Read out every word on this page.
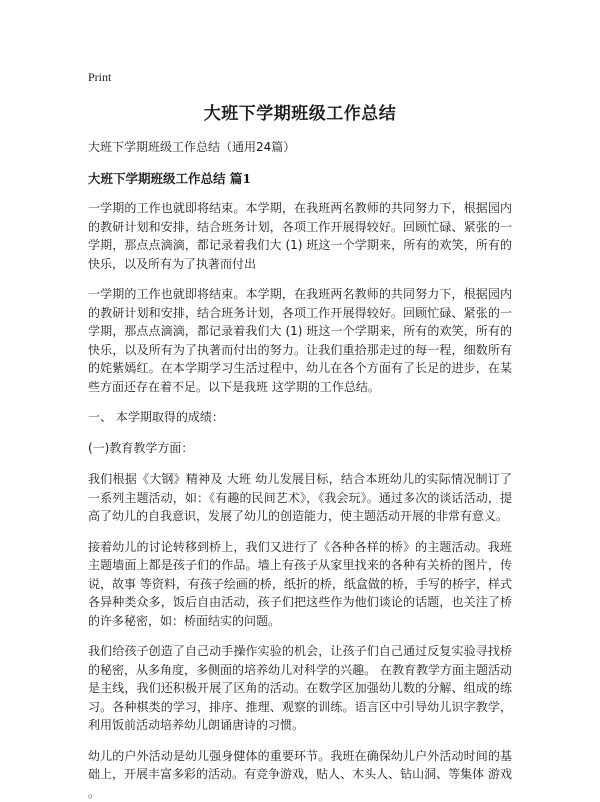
Print
大班下学期班级工作总结
大班下学期班级工作总结（通用24篇）
大班下学期班级工作总结 篇1

一学期的工作也就即将结束。本学期，在我班两名教师的共同努力下，根据园内的教研计划和安排，结合班务计划，各项工作开展得较好。回顾忙碌、紧张的一学期，那点点滴滴，都记录着我们大 (1) 班这一个学期来，所有的欢笑，所有的快乐，以及所有为了执著而付出

一学期的工作也就即将结束。本学期，在我班两名教师的共同努力下，根据园内的教研计划和安排，结合班务计划，各项工作开展得较好。回顾忙碌、紧张的一学期，那点点滴滴，都记录着我们大 (1) 班这一个学期来，所有的欢笑，所有的快乐，以及所有为了执著而付出的努力。让我们重拾那走过的每一程，细数所有的姹紫嫣红。在本学期学习生活过程中，幼儿在各个方面有了长足的进步，在某些方面还存在着不足。以下是我班 这学期的工作总结。

一、 本学期取得的成绩：
(一)教育教学方面：

我们根据《大钢》精神及 大班 幼儿发展目标，结合本班幼儿的实际情况制订了一系列主题活动，如：《有趣的民间艺术》，《我会玩》。通过多次的谈话活动，提高了幼儿的自我意识，发展了幼儿的创造能力，使主题活动开展的非常有意义。

接着幼儿的讨论转移到桥上，我们又进行了《各种各样的桥》的主题活动。我班主题墙面上都是孩子们的作品。墙上有孩子从家里找来的各种有关桥的图片，传说，故事 等资料，有孩子绘画的桥，纸折的桥，纸盒做的桥，手写的桥字，样式各异种类众多，饭后自由活动，孩子们把这些作为他们谈论的话题，也关注了桥的许多秘密，如：桥面结实的问题。

我们给孩子创造了自己动手操作实验的机会，让孩子们自己通过反复实验寻找桥的秘密，从多角度，多侧面的培养幼儿对科学的兴趣。 在教育教学方面主题活动是主线，我们还积极开展了区角的活动。在数学区加强幼儿数的分解、组成的练习。各种棋类的学习，排序、推理、观察的训练。语言区中引导幼儿识字教学，利用饭前活动培养幼儿朗诵唐诗的习惯。

幼儿的户外活动是幼儿强身健体的重要环节。我班在确保幼儿户外活动时间的基础上，开展丰富多彩的活动。有竞争游戏，贴人、木头人、钻山洞、等集体 游戏 。
